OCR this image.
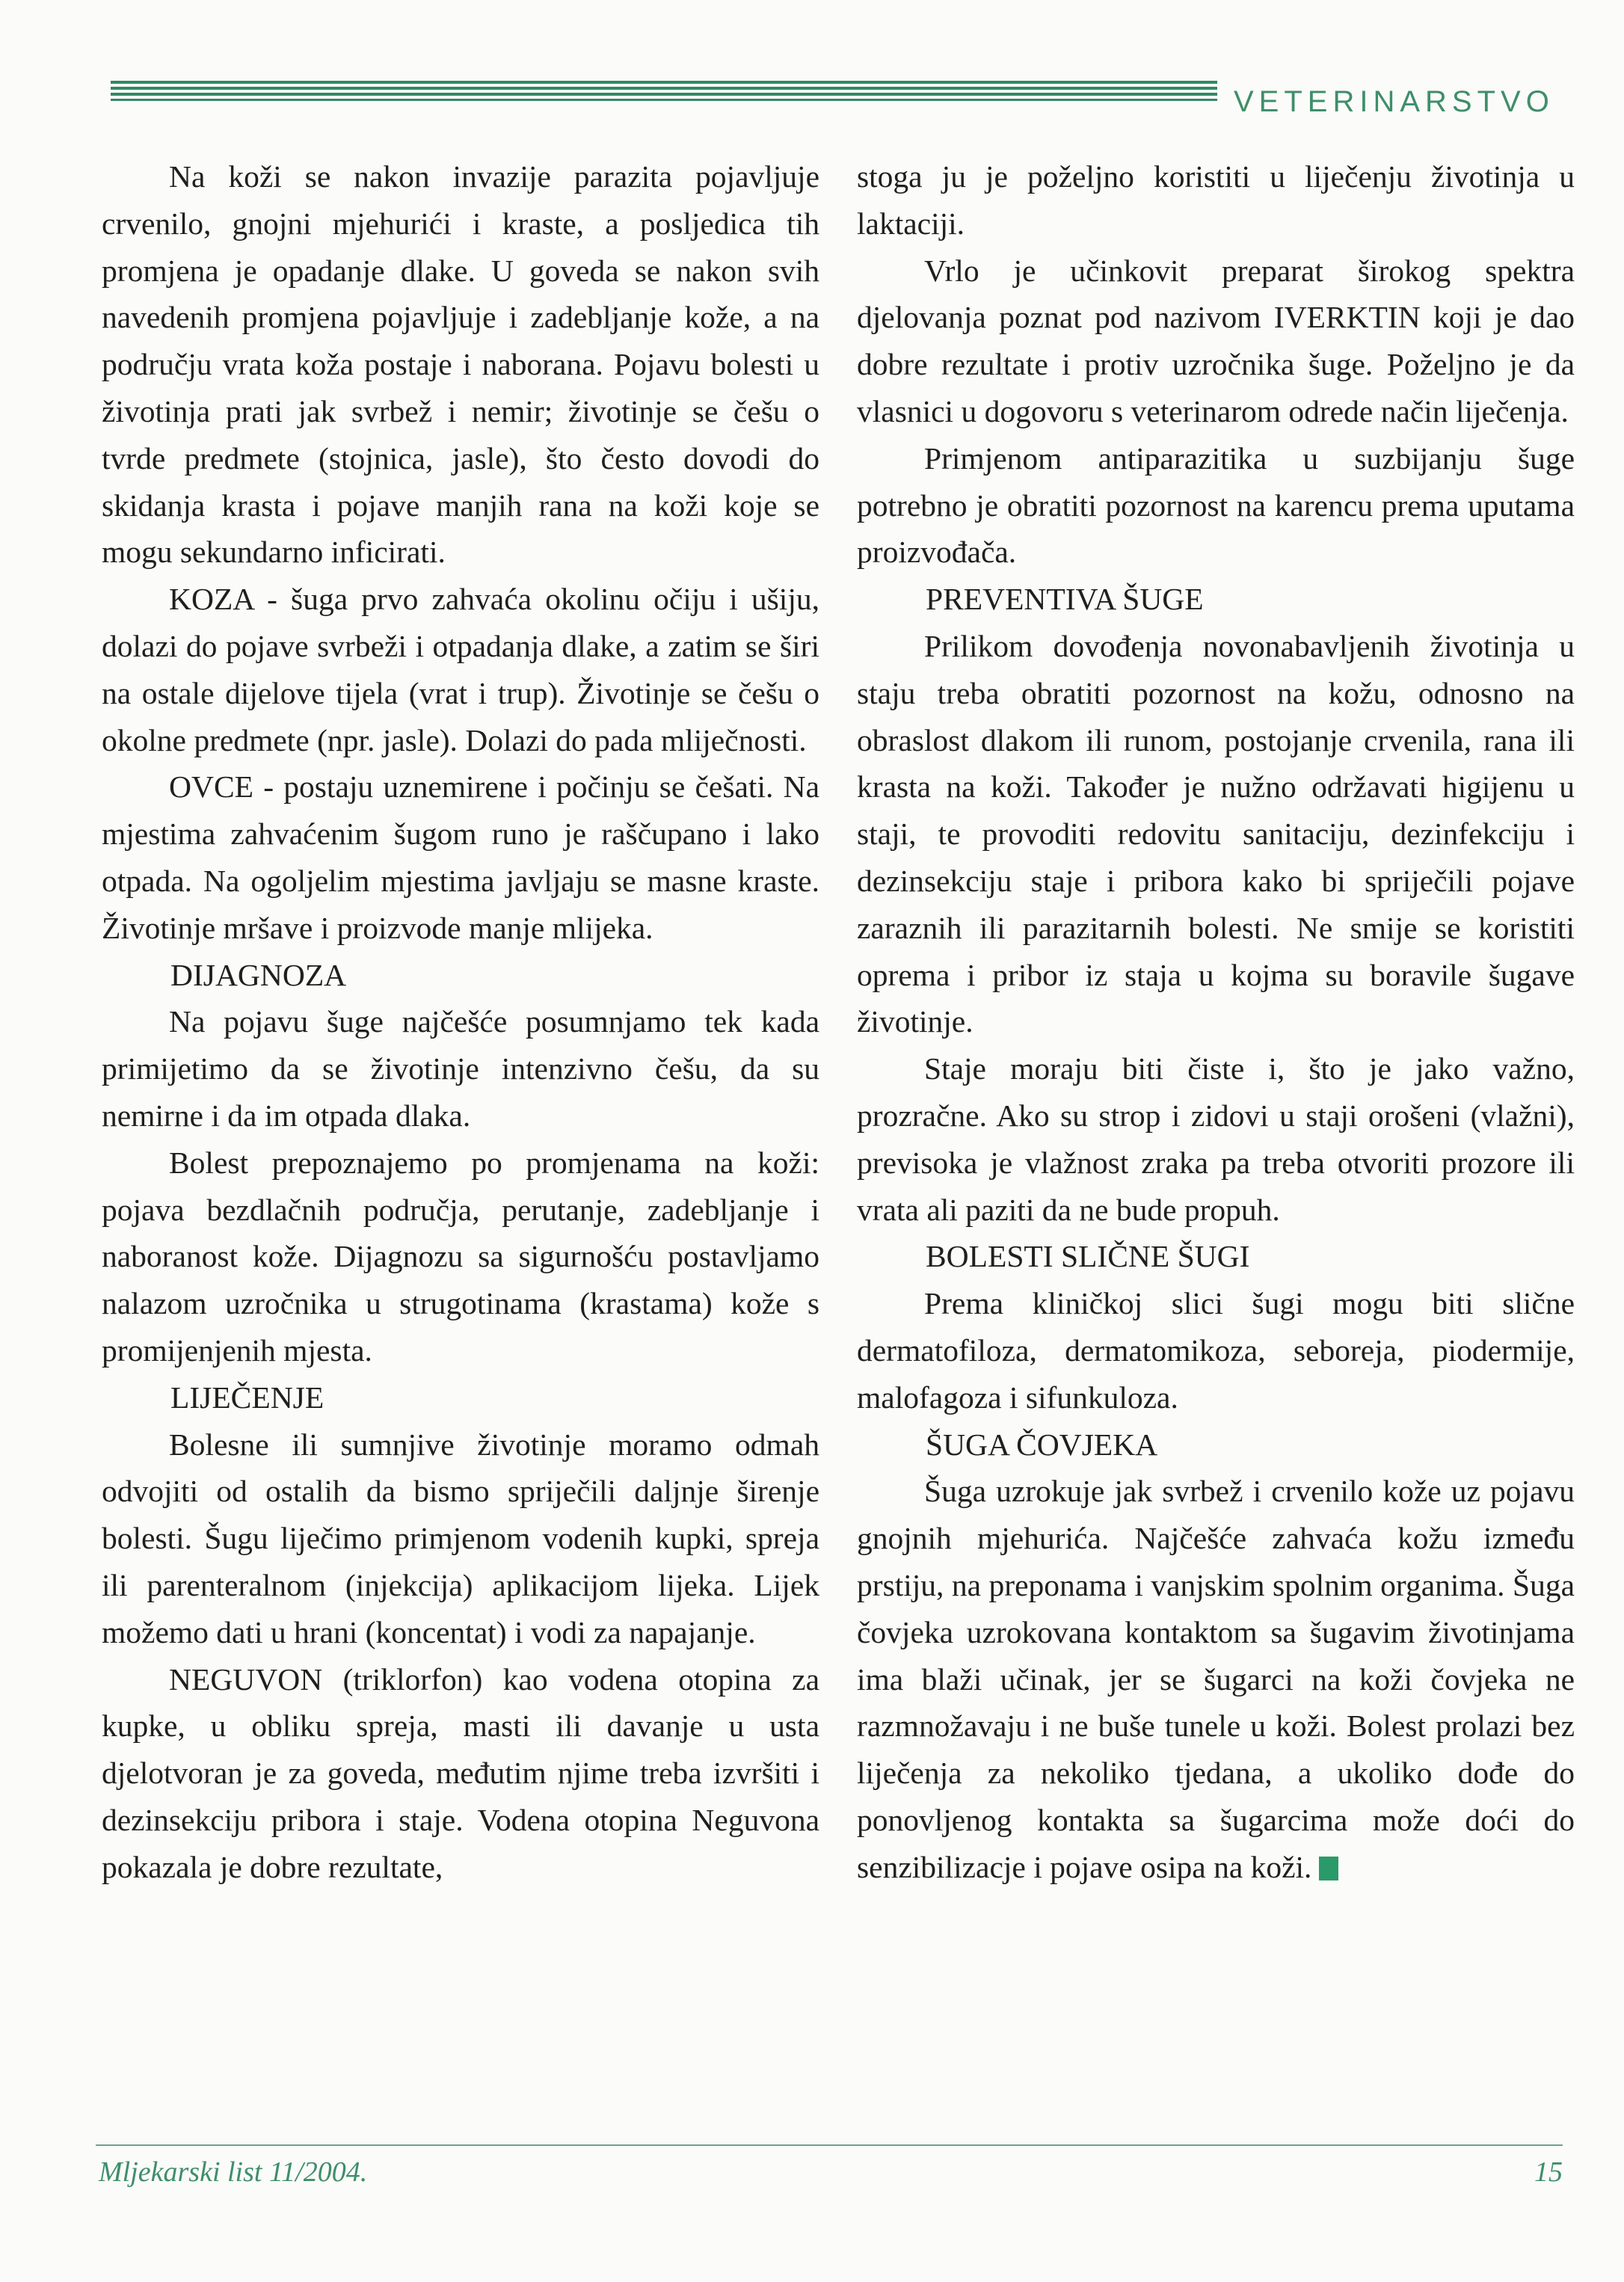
VETERINARSTVO

Na koži se nakon invazije parazita pojavljuje crvenilo, gnojni mjehurići i kraste, a posljedica tih promjena je opadanje dlake. U goveda se nakon svih navedenih promjena pojavljuje i zadebljanje kože, a na području vrata koža postaje i naborana. Pojavu bolesti u životinja prati jak svrbež i nemir; životinje se češu o tvrde predmete (stojnica, jasle), što često dovodi do skidanja krasta i pojave manjih rana na koži koje se mogu sekundarno inficirati.

KOZA - šuga prvo zahvaća okolinu očiju i ušiju, dolazi do pojave svrbeži i otpadanja dlake, a zatim se širi na ostale dijelove tijela (vrat i trup). Životinje se češu o okolne predmete (npr. jasle). Dolazi do pada mliječnosti.

OVCE - postaju uznemirene i počinju se češati. Na mjestima zahvaćenim šugom runo je raščupano i lako otpada. Na ogoljelim mjestima javljaju se masne kraste. Životinje mršave i proizvode manje mlijeka.

DIJAGNOZA

Na pojavu šuge najčešće posumnjamo tek kada primijetimo da se životinje intenzivno češu, da su nemirne i da im otpada dlaka.

Bolest prepoznajemo po promjenama na koži: pojava bezdlačnih područja, perutanje, zadebljanje i naboranost kože. Dijagnozu sa sigurnošću postavljamo nalazom uzročnika u strugotinama (krastama) kože s promijenjenih mjesta.

LIJEČENJE

Bolesne ili sumnjive životinje moramo odmah odvojiti od ostalih da bismo spriječili daljnje širenje bolesti. Šugu liječimo primjenom vodenih kupki, spreja ili parenteralnom (injekcija) aplikacijom lijeka. Lijek možemo dati u hrani (koncentat) i vodi za napajanje.

NEGUVON (triklorfon) kao vodena otopina za kupke, u obliku spreja, masti ili davanje u usta djelotvoran je za goveda, međutim njime treba izvršiti i dezinsekciju pribora i staje. Vodena otopina Neguvona pokazala je dobre rezultate,

stoga ju je poželjno koristiti u liječenju životinja u laktaciji.

Vrlo je učinkovit preparat širokog spektra djelovanja poznat pod nazivom IVERKTIN koji je dao dobre rezultate i protiv uzročnika šuge. Poželjno je da vlasnici u dogovoru s veterinarom odrede način liječenja.

Primjenom antiparazitika u suzbijanju šuge potrebno je obratiti pozornost na karencu prema uputama proizvođača.

PREVENTIVA ŠUGE

Prilikom dovođenja novonabavljenih životinja u staju treba obratiti pozornost na kožu, odnosno na obraslost dlakom ili runom, postojanje crvenila, rana ili krasta na koži. Također je nužno održavati higijenu u staji, te provoditi redovitu sanitaciju, dezinfekciju i dezinsekciju staje i pribora kako bi spriječili pojave zaraznih ili parazitarnih bolesti. Ne smije se koristiti oprema i pribor iz staja u kojma su boravile šugave životinje.

Staje moraju biti čiste i, što je jako važno, prozračne. Ako su strop i zidovi u staji orošeni (vlažni), previsoka je vlažnost zraka pa treba otvoriti prozore ili vrata ali paziti da ne bude propuh.

BOLESTI SLIČNE ŠUGI

Prema kliničkoj slici šugi mogu biti slične dermatofiloza, dermatomikoza, seboreja, piodermije, malofagoza i sifunkuloza.

ŠUGA ČOVJEKA

Šuga uzrokuje jak svrbež i crvenilo kože uz pojavu gnojnih mjehurića. Najčešće zahvaća kožu između prstiju, na preponama i vanjskim spolnim organima. Šuga čovjeka uzrokovana kontaktom sa šugavim životinjama ima blaži učinak, jer se šugarci na koži čovjeka ne razmnožavaju i ne buše tunele u koži. Bolest prolazi bez liječenja za nekoliko tjedana, a ukoliko dođe do ponovljenog kontakta sa šugarcima može doći do senzibilizacje i pojave osipa na koži.

Mljekarski list 11/2004.	15
